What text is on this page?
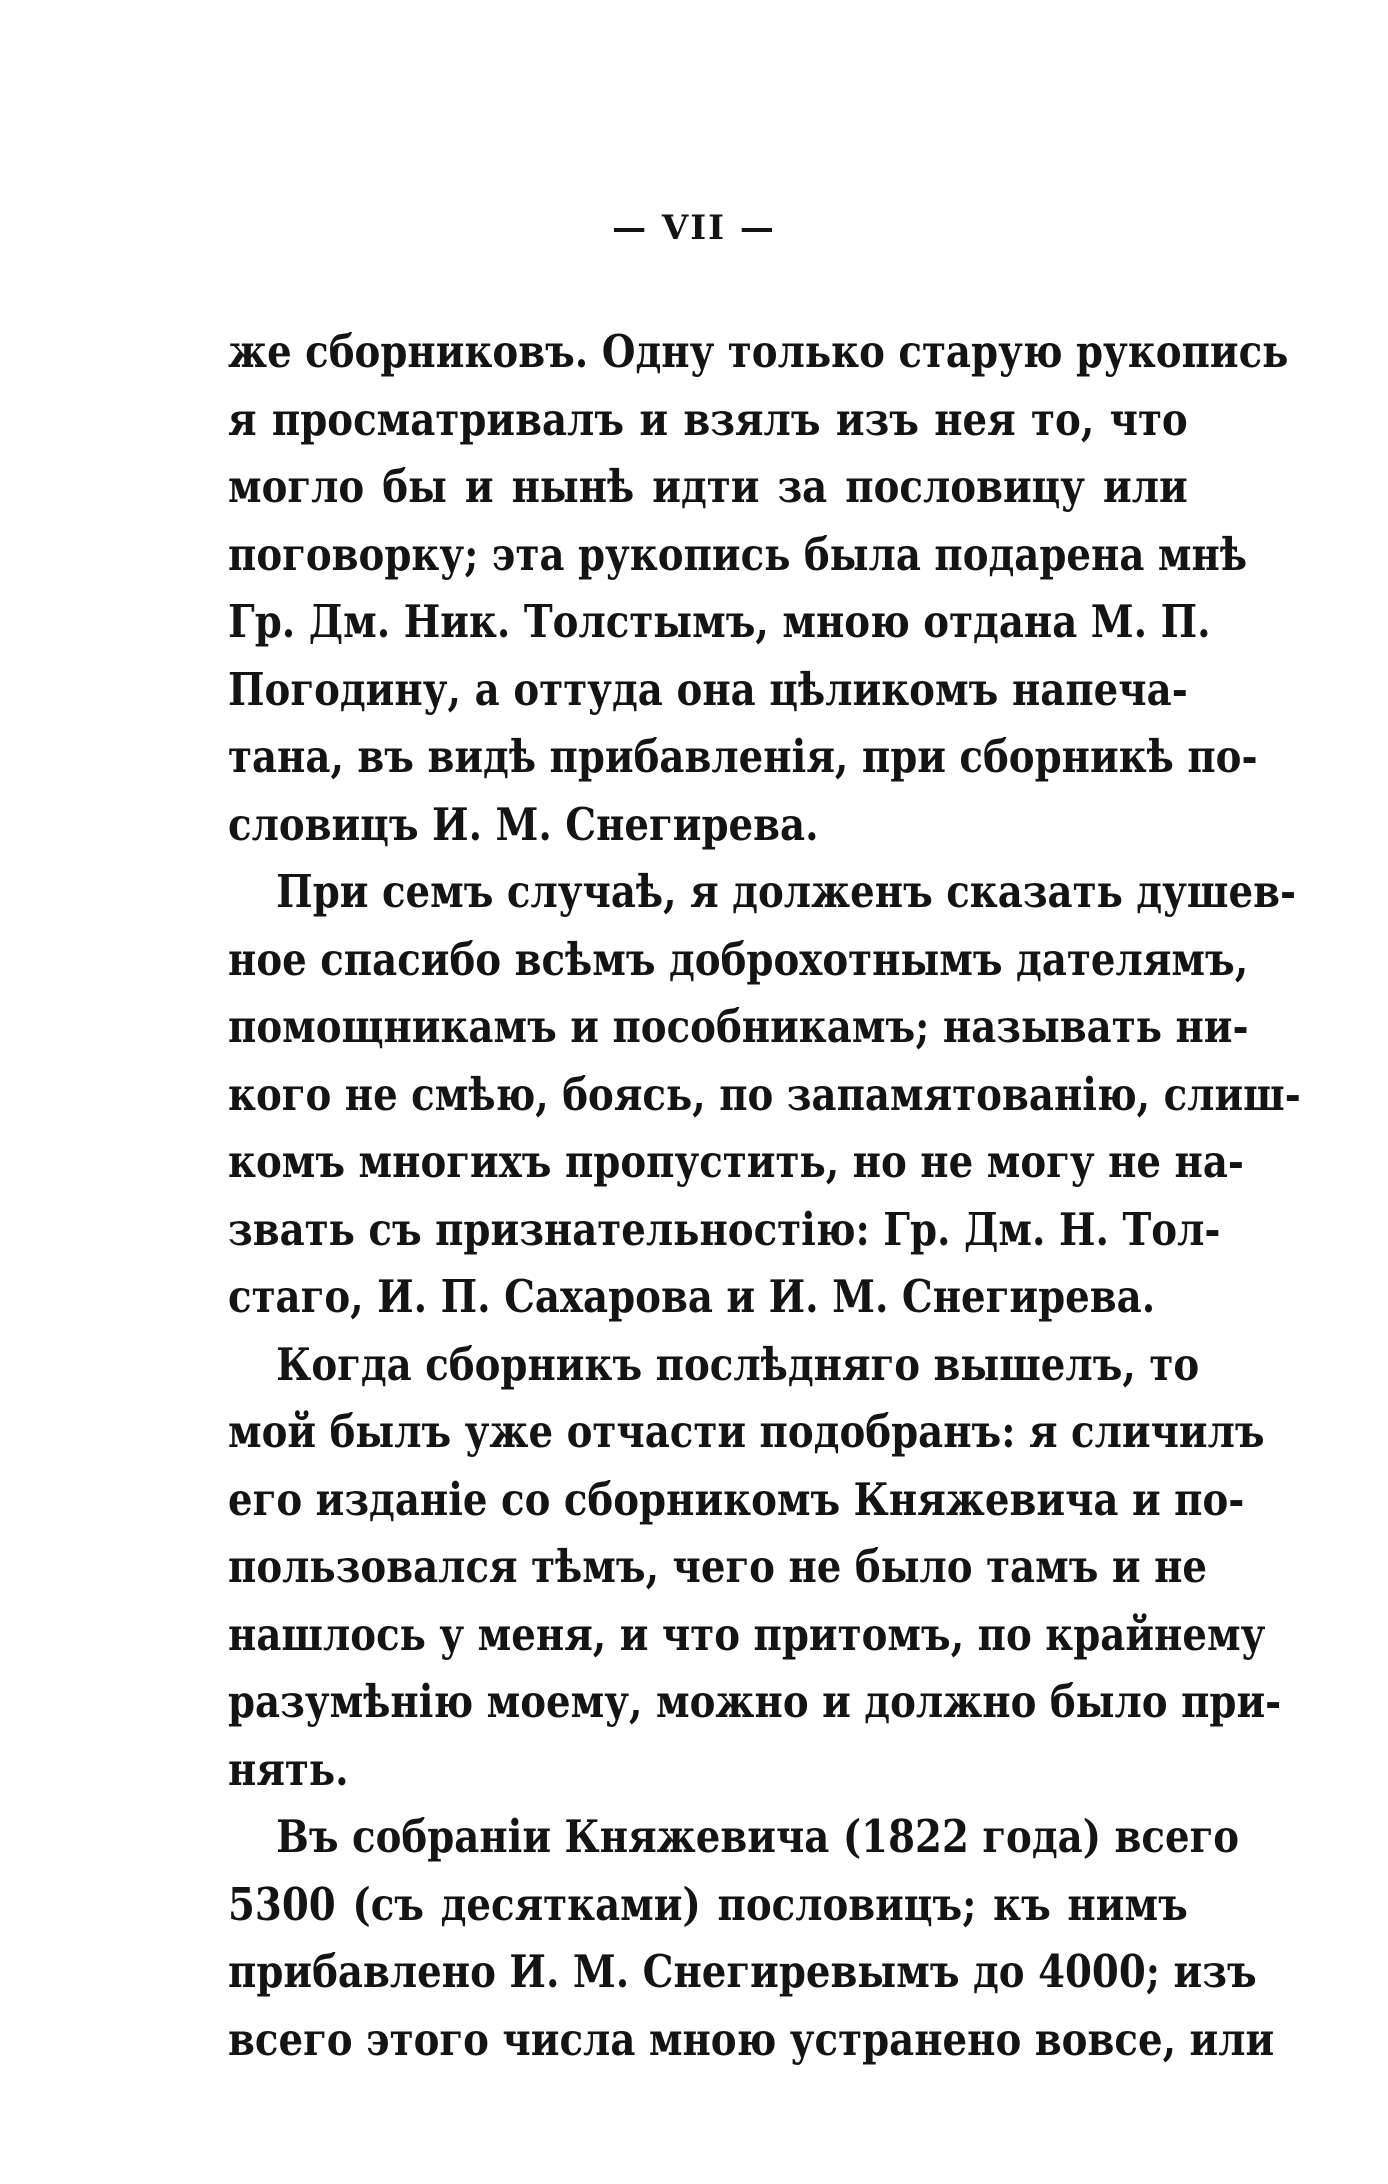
— VII —
же сборниковъ. Одну только старую рукопись
я просматривалъ и взялъ изъ нея то, что
могло бы и нынѣ идти за пословицу или
поговорку; эта рукопись была подарена мнѣ
Гр. Дм. Ник. Толстымъ, мною отдана М. П.
Погодину, а оттуда она цѣликомъ напеча-
тана, въ видѣ прибавленія, при сборникѣ по-
словицъ И. М. Снегирева.
При семъ случаѣ, я долженъ сказать душев-
ное спасибо всѣмъ доброхотнымъ дателямъ,
помощникамъ и пособникамъ; называть ни-
кого не смѣю, боясь, по запамятованію, слиш-
комъ многихъ пропустить, но не могу не на-
звать съ признательностію: Гр. Дм. Н. Тол-
стаго, И. П. Сахарова и И. М. Снегирева.
Когда сборникъ послѣдняго вышелъ, то
мой былъ уже отчасти подобранъ: я сличилъ
его изданіе со сборникомъ Княжевича и по-
пользовался тѣмъ, чего не было тамъ и не
нашлось у меня, и что притомъ, по крайнему
разумѣнію моему, можно и должно было при-
нять.
Въ собраніи Княжевича (1822 года) всего
5300 (съ десятками) пословицъ; къ нимъ
прибавлено И. М. Снегиревымъ до 4000; изъ
всего этого числа мною устранено вовсе, или
